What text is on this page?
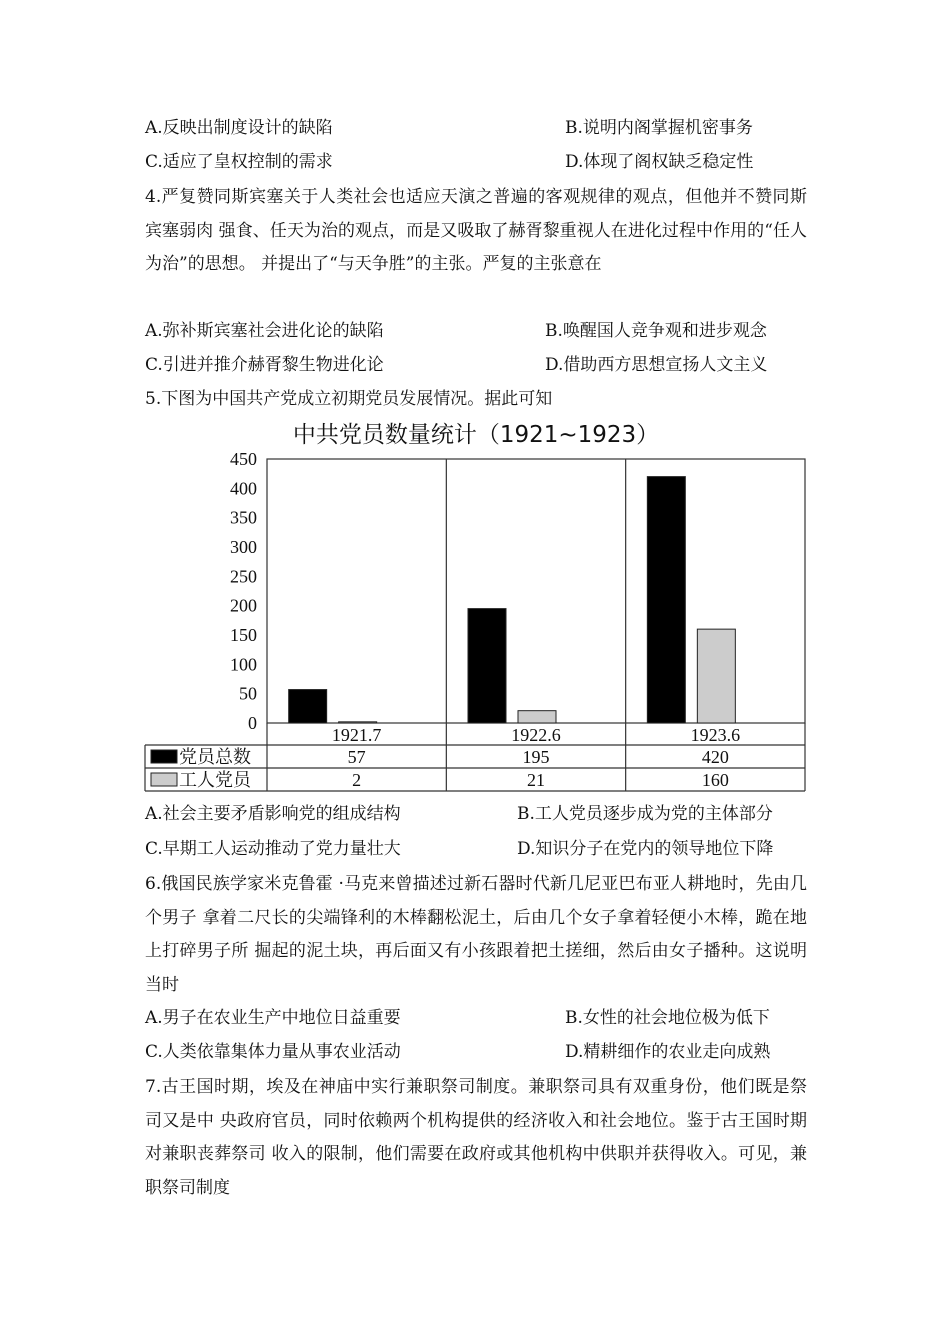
A.反映出制度设计的缺陷	B.说明内阁掌握机密事务
C.适应了皇权控制的需求	D.体现了阁权缺乏稳定性
4.严复赞同斯宾塞关于人类社会也适应天演之普遍的客观规律的观点，但他并不赞同斯宾塞弱肉 强食、任天为治的观点，而是又吸取了赫胥黎重视人在进化过程中作用的“任人为治”的思想。 并提出了“与天争胜”的主张。严复的主张意在
A.弥补斯宾塞社会进化论的缺陷	B.唤醒国人竞争观和进步观念
C.引进并推介赫胥黎生物进化论	D.借助西方思想宣扬人文主义
5.下图为中国共产党成立初期党员发展情况。据此可知
中共党员数量统计（1921~1923）
0
50
100
150
200
250
300
350
400
450
1921.7	1922.6	1923.6
党员总数	57	195	420
工人党员	2	21	160
A.社会主要矛盾影响党的组成结构	B.工人党员逐步成为党的主体部分
C.早期工人运动推动了党力量壮大	D.知识分子在党内的领导地位下降
6.俄国民族学家米克鲁霍 ·马克来曾描述过新石器时代新几尼亚巴布亚人耕地时，先由几个男子 拿着二尺长的尖端锋利的木棒翻松泥土，后由几个女子拿着轻便小木棒，跪在地上打碎男子所 掘起的泥土块，再后面又有小孩跟着把土搓细，然后由女子播种。这说明当时
A.男子在农业生产中地位日益重要	B.女性的社会地位极为低下
C.人类依靠集体力量从事农业活动	D.精耕细作的农业走向成熟
7.古王国时期，埃及在神庙中实行兼职祭司制度。兼职祭司具有双重身份，他们既是祭司又是中 央政府官员，同时依赖两个机构提供的经济收入和社会地位。鉴于古王国时期对兼职丧葬祭司 收入的限制，他们需要在政府或其他机构中供职并获得收入。可见，兼职祭司制度
